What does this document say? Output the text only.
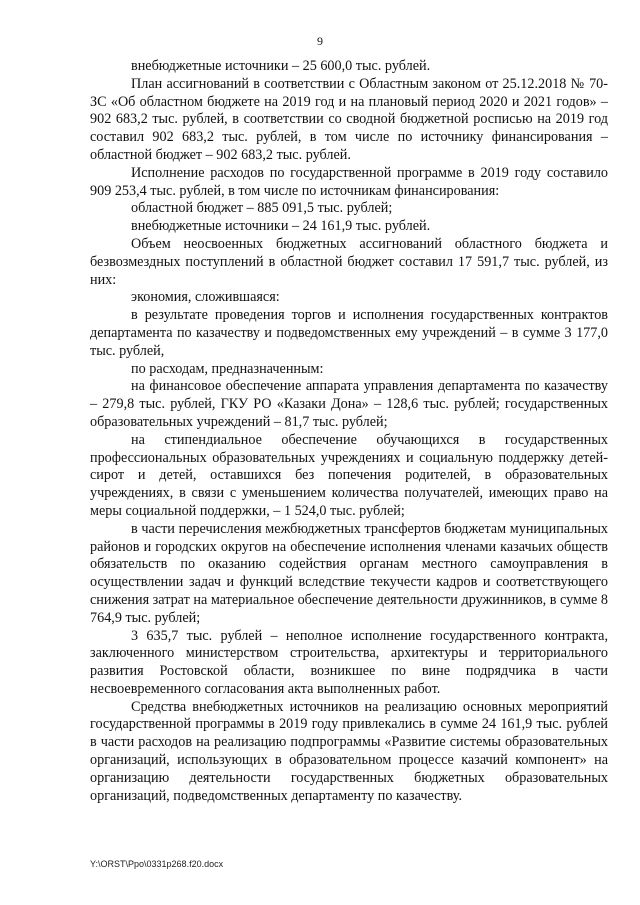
9

внебюджетные источники – 25 600,0 тыс. рублей.

План ассигнований в соответствии с Областным законом от 25.12.2018 № 70-ЗС «Об областном бюджете на 2019 год и на плановый период 2020 и 2021 годов» – 902 683,2 тыс. рублей, в соответствии со сводной бюджетной росписью на 2019 год составил 902 683,2 тыс. рублей, в том числе по источнику финансирования – областной бюджет – 902 683,2 тыс. рублей.

Исполнение расходов по государственной программе в 2019 году составило 909 253,4 тыс. рублей, в том числе по источникам финансирования:

областной бюджет – 885 091,5 тыс. рублей;

внебюджетные источники – 24 161,9 тыс. рублей.

Объем неосвоенных бюджетных ассигнований областного бюджета и безвозмездных поступлений в областной бюджет составил 17 591,7 тыс. рублей, из них:

экономия, сложившаяся:

в результате проведения торгов и исполнения государственных контрактов департамента по казачеству и подведомственных ему учреждений – в сумме 3 177,0 тыс. рублей,

по расходам, предназначенным:

на финансовое обеспечение аппарата управления департамента по казачеству – 279,8 тыс. рублей, ГКУ РО «Казаки Дона» – 128,6 тыс. рублей; государственных образовательных учреждений – 81,7 тыс. рублей;

на стипендиальное обеспечение обучающихся в государственных профессиональных образовательных учреждениях и социальную поддержку детей-сирот и детей, оставшихся без попечения родителей, в образовательных учреждениях, в связи с уменьшением количества получателей, имеющих право на меры социальной поддержки, – 1 524,0 тыс. рублей;

в части перечисления межбюджетных трансфертов бюджетам муниципальных районов и городских округов на обеспечение исполнения членами казачьих обществ обязательств по оказанию содействия органам местного самоуправления в осуществлении задач и функций вследствие текучести кадров и соответствующего снижения затрат на материальное обеспечение деятельности дружинников, в сумме 8 764,9 тыс. рублей;

3 635,7 тыс. рублей – неполное исполнение государственного контракта, заключенного министерством строительства, архитектуры и территориального развития Ростовской области, возникшее по вине подрядчика в части несвоевременного согласования акта выполненных работ.

Средства внебюджетных источников на реализацию основных мероприятий государственной программы в 2019 году привлекались в сумме 24 161,9 тыс. рублей в части расходов на реализацию подпрограммы «Развитие системы образовательных организаций, использующих в образовательном процессе казачий компонент» на организацию деятельности государственных бюджетных образовательных организаций, подведомственных департаменту по казачеству.

Y:\ORST\Ppo\0331p268.f20.docx
